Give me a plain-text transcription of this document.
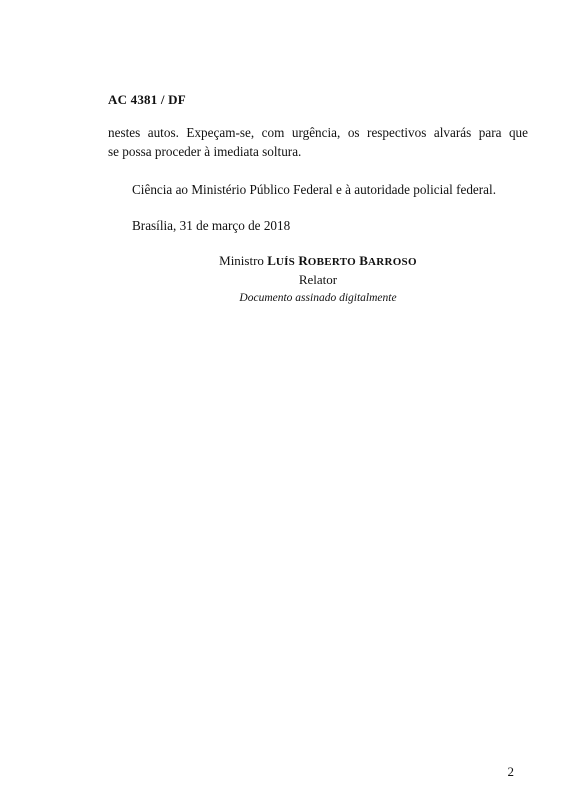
AC 4381 / DF
nestes autos. Expeçam-se, com urgência, os respectivos alvarás para que
se possa proceder à imediata soltura.
Ciência ao Ministério Público Federal e à autoridade policial federal.
Brasília, 31 de março de 2018
Ministro LUÍS ROBERTO BARROSO
Relator
Documento assinado digitalmente
2
